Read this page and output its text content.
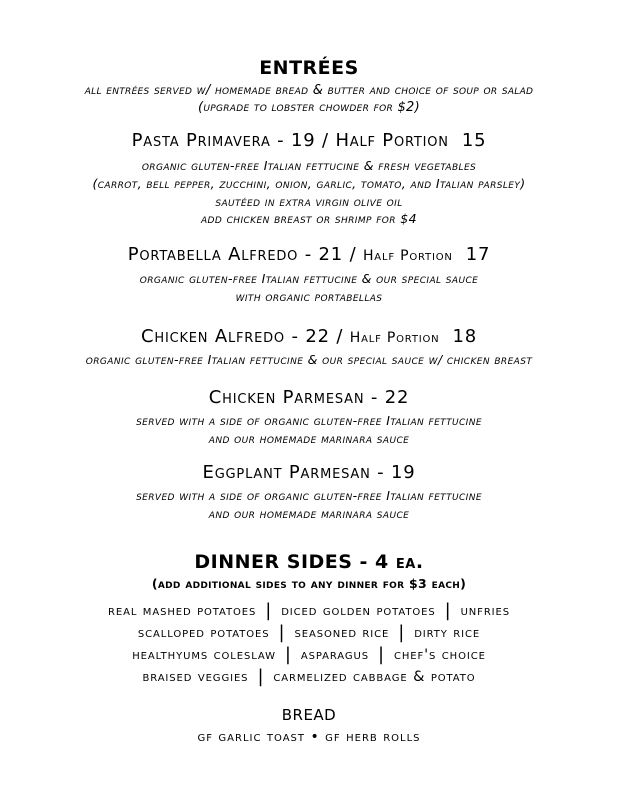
ENTRÉES
all entrées served w/ homemade bread & butter and choice of soup or salad
(upgrade to lobster chowder for $2)
Pasta Primavera - 19 / Half Portion 15
organic gluten-free Italian fettucine & fresh vegetables
(carrot, bell pepper, zucchini, onion, garlic, tomato, and Italian parsley)
sautéed in extra virgin olive oil
add chicken breast or shrimp for $4
Portabella Alfredo - 21 / Half Portion 17
organic gluten-free Italian fettucine & our special sauce
with organic portabellas
Chicken Alfredo - 22 / Half Portion 18
organic gluten-free Italian fettucine & our special sauce w/ chicken breast
Chicken Parmesan - 22
served with a side of organic gluten-free Italian fettucine
and our homemade marinara sauce
Eggplant Parmesan - 19
served with a side of organic gluten-free Italian fettucine
and our homemade marinara sauce
DINNER SIDES - 4 ea.
(add additional sides to any dinner for $3 each)
real mashed potatoes | diced golden potatoes | unfries
scalloped potatoes | seasoned rice | dirty rice
healthyums coleslaw | asparagus | chef's choice
braised veggies | carmelized cabbage & potato
BREAD
gf garlic toast • gf herb rolls
